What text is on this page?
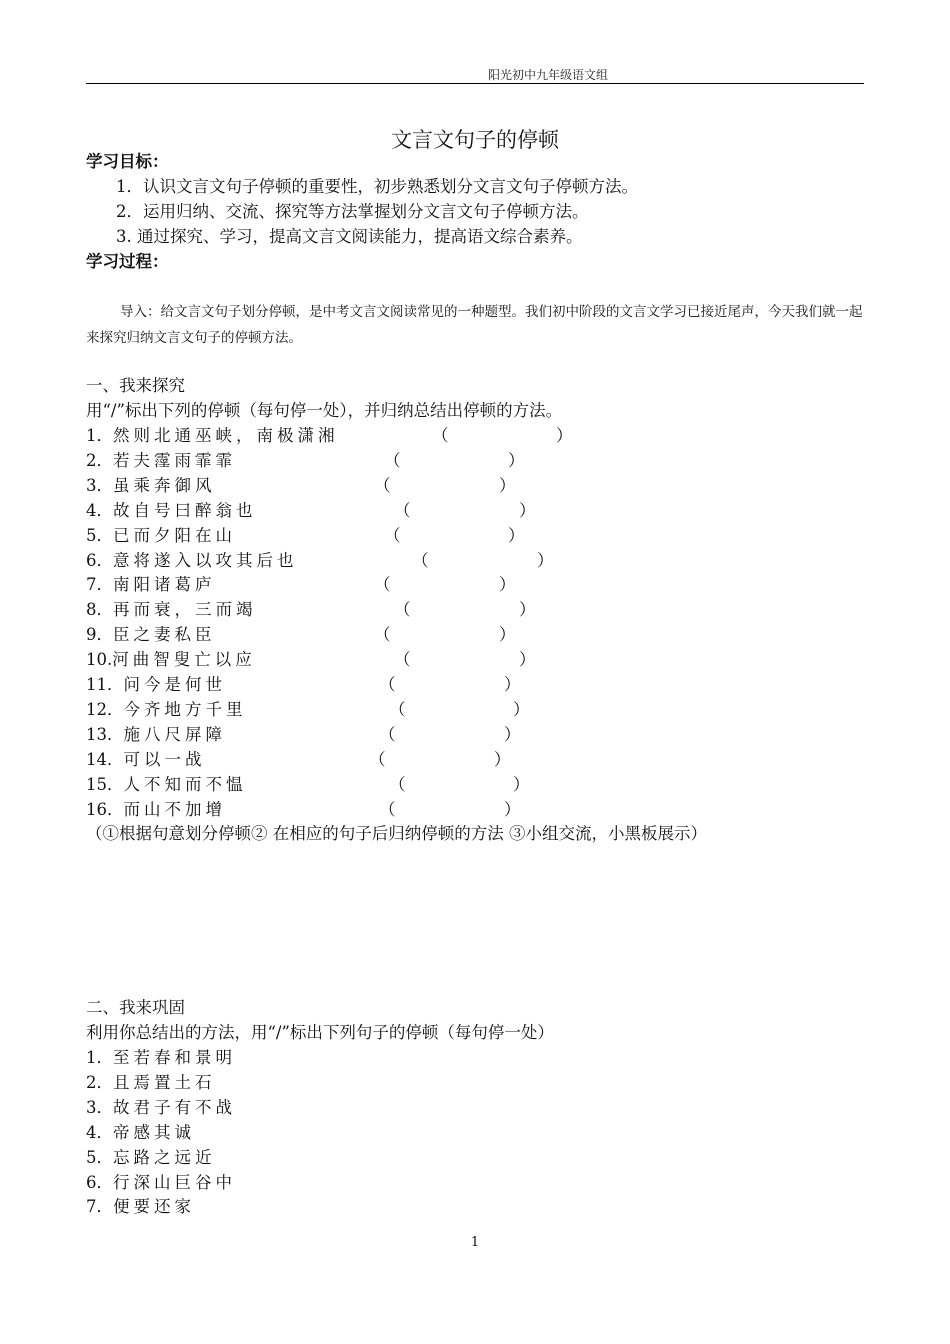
阳光初中九年级语文组
文言文句子的停顿
学习目标：
1．认识文言文句子停顿的重要性，初步熟悉划分文言文句子停顿方法。
2．运用归纳、交流、探究等方法掌握划分文言文句子停顿方法。
3. 通过探究、学习，提高文言文阅读能力，提高语文综合素养。
学习过程：
导入：给文言文句子划分停顿，是中考文言文阅读常见的一种题型。我们初中阶段的文言文学习已接近尾声，今天我们就一起来探究归纳文言文句子的停顿方法。
一、我来探究
用“/”标出下列的停顿（每句停一处），并归纳总结出停顿的方法。
1．然则北通巫峡，南极潇湘	（	）
2．若夫霪雨霏霏	（	）
3．虽乘奔御风	（	）
4．故自号曰醉翁也	（	）
5．已而夕阳在山	（	）
6．意将遂入以攻其后也	（	）
7．南阳诸葛庐	（	）
8．再而衰，三而竭	（	）
9．臣之妻私臣	（	）
10.河曲智叟亡以应	（	）
11．问今是何世	（	）
12．今齐地方千里	（	）
13．施八尺屏障	（	）
14．可以一战	（	）
15．人不知而不愠	（	）
16．而山不加增	（	）
（①根据句意划分停顿② 在相应的句子后归纳停顿的方法 ③小组交流，小黑板展示）
二、我来巩固
利用你总结出的方法，用“/”标出下列句子的停顿（每句停一处）
1．至若春和景明
2．且焉置土石
3．故君子有不战
4．帝感其诚
5．忘路之远近
6．行深山巨谷中
7．便要还家
1
